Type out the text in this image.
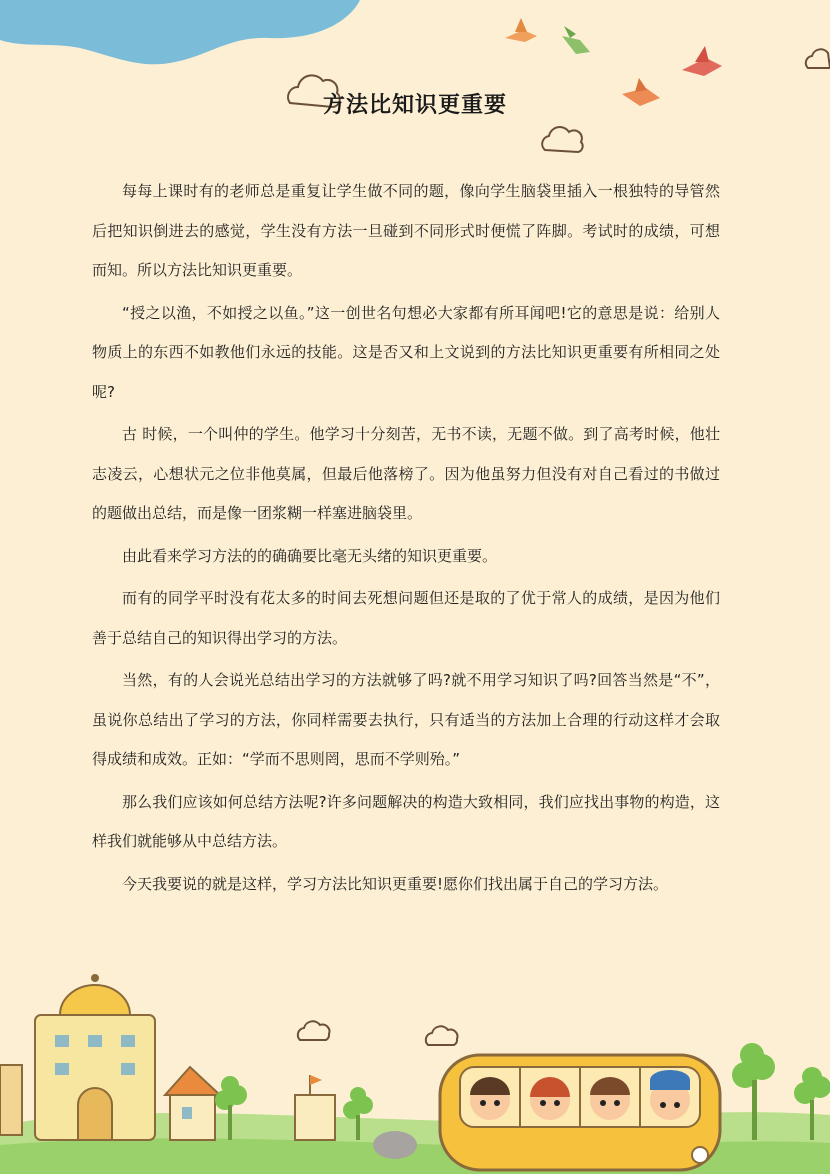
方法比知识更重要

每每上课时有的老师总是重复让学生做不同的题，像向学生脑袋里插入一根独特的导管然后把知识倒进去的感觉，学生没有方法一旦碰到不同形式时便慌了阵脚。考试时的成绩，可想而知。所以方法比知识更重要。

“授之以渔，不如授之以鱼。”这一创世名句想必大家都有所耳闻吧!它的意思是说：给别人物质上的东西不如教他们永远的技能。这是否又和上文说到的方法比知识更重要有所相同之处呢?

古 时候，一个叫仲的学生。他学习十分刻苦，无书不读，无题不做。到了高考时候，他壮志凌云，心想状元之位非他莫属，但最后他落榜了。因为他虽努力但没有对自己看过的书做过的题做出总结，而是像一团浆糊一样塞进脑袋里。

由此看来学习方法的的确确要比毫无头绪的知识更重要。

而有的同学平时没有花太多的时间去死想问题但还是取的了优于常人的成绩，是因为他们善于总结自己的知识得出学习的方法。

当然，有的人会说光总结出学习的方法就够了吗?就不用学习知识了吗?回答当然是“不”，虽说你总结出了学习的方法，你同样需要去执行，只有适当的方法加上合理的行动这样才会取得成绩和成效。正如：“学而不思则罔，思而不学则殆。”

那么我们应该如何总结方法呢?许多问题解决的构造大致相同，我们应找出事物的构造，这样我们就能够从中总结方法。

今天我要说的就是这样，学习方法比知识更重要!愿你们找出属于自己的学习方法。
